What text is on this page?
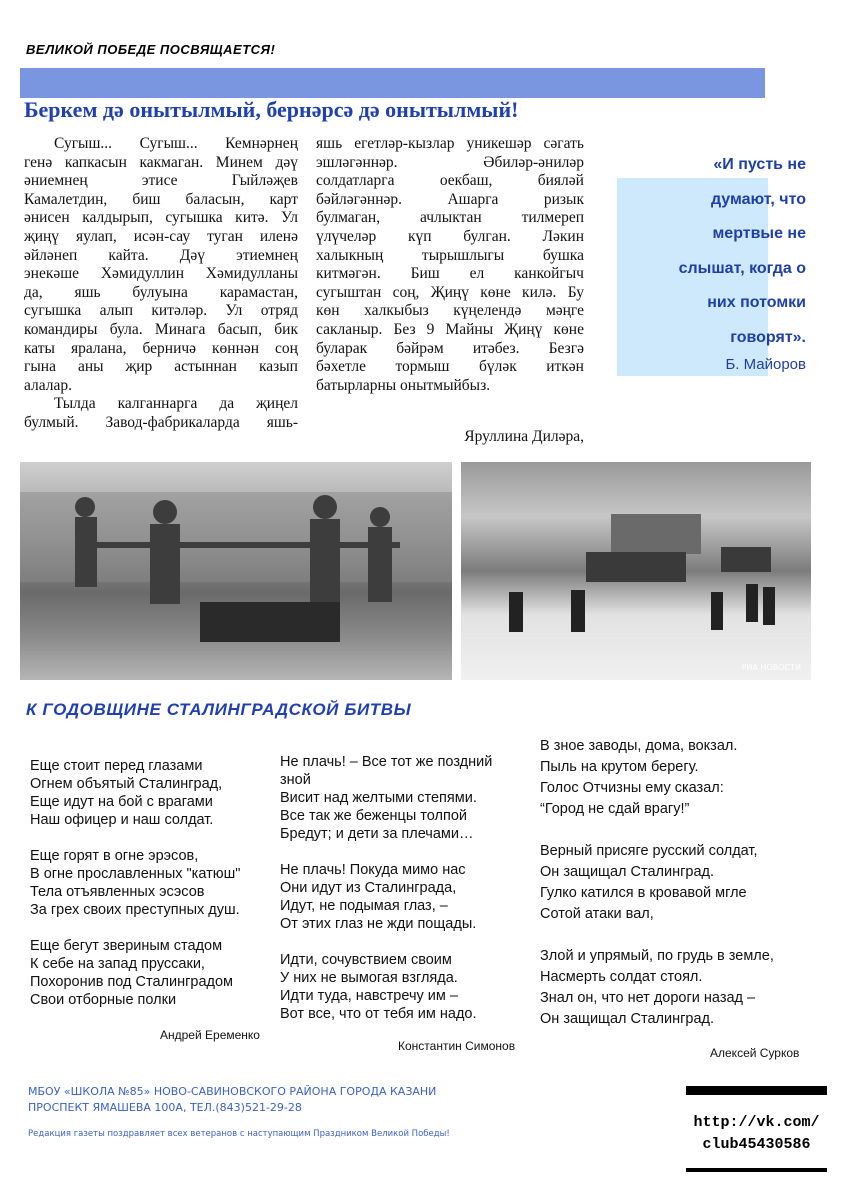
ВЕЛИКОЙ ПОБЕДЕ ПОСВЯЩАЕТСЯ!
Беркем дә онытылмый, бернәрсә дә онытылмый!
Сугыш... Сугыш... Кемнәрнең
генә капкасын какмаган. Минем дәү
әниемнең	этисе	Гыйләҗев
Камалетдин, биш баласын, карт
әнисен калдырып, сугышка китә. Ул
җиңү яулап, исән-сау туган иленә
әйләнеп кайта. Дәү этиемнең
энекәше Хәмидуллин Хәмидулланы
да, яшь булуына карамастан,
сугышка алып китәләр. Ул отряд
командиры була. Минага басып, бик
каты яралана, берничә көннән соң
гына аны җир астыннан казып
алалар.
Тылда калганнарга да җиңел
булмый. Завод-фабрикаларда яшь-
яшь егетләр-кызлар уникешәр сәгать
эшләгәннәр.	Әбиләр-әниләр
солдатларга	оекбаш,	бияләй
бәйләгәннәр.	Ашарга	ризык
булмаган,	ачлыктан	тилмереп
үлүчеләр күп булган. Ләкин
халыкның тырышлыгы бушка
китмәгән. Биш ел канкойгыч
сугыштан соң, Җиңү көне килә. Бу
көн халкыбыз күңелендә мәңге
сакланыр. Без 9 Майны Җиңү көне
буларак бәйрәм итәбез. Безгә
бәхетле тормыш бүләк иткән
батырларны онытмыйбыз.
Яруллина Диләра,
«И пусть не
думают, что
мертвые не
слышат, когда о
них потомки
говорят».
Б. Майоров
РИА НОВОСТИ
К ГОДОВЩИНЕ СТАЛИНГРАДСКОЙ БИТВЫ
Еще стоит перед глазами
Огнем объятый Сталинград,
Еще идут на бой с врагами
Наш офицер и наш солдат.
Еще горят в огне эрэсов,
В огне прославленных "катюш"
Тела отъявленных эсэсов
За грех своих преступных душ.
Еще бегут звериным стадом
К себе на запад пруссаки,
Похоронив под Сталинградом
Свои отборные полки
Не плачь! – Все тот же поздний
зной
Висит над желтыми степями.
Все так же беженцы толпой
Бредут; и дети за плечами…
Не плачь! Покуда мимо нас
Они идут из Сталинграда,
Идут, не подымая глаз, –
От этих глаз не жди пощады.
Идти, сочувствием своим
У них не вымогая взгляда.
Идти туда, навстречу им –
Вот все, что от тебя им надо.
В зное заводы, дома, вокзал.
Пыль на крутом берегу.
Голос Отчизны ему сказал:
“Город не сдай врагу!”
Верный присяге русский солдат,
Он защищал Сталинград.
Гулко катился в кровавой мгле
Сотой атаки вал,
Злой и упрямый, по грудь в земле,
Насмерть солдат стоял.
Знал он, что нет дороги назад –
Он защищал Сталинград.
Андрей Еременко
Константин Симонов	Алексей Сурков
МБОУ «ШКОЛА №85» НОВО-САВИНОВСКОГО РАЙОНА ГОРОДА КАЗАНИ
ПРОСПЕКТ ЯМАШЕВА 100А, ТЕЛ.(843)521-29-28
Редакция газеты поздравляет всех ветеранов с наступающим Праздником Великой Победы!
http://vk.com/
club45430586
